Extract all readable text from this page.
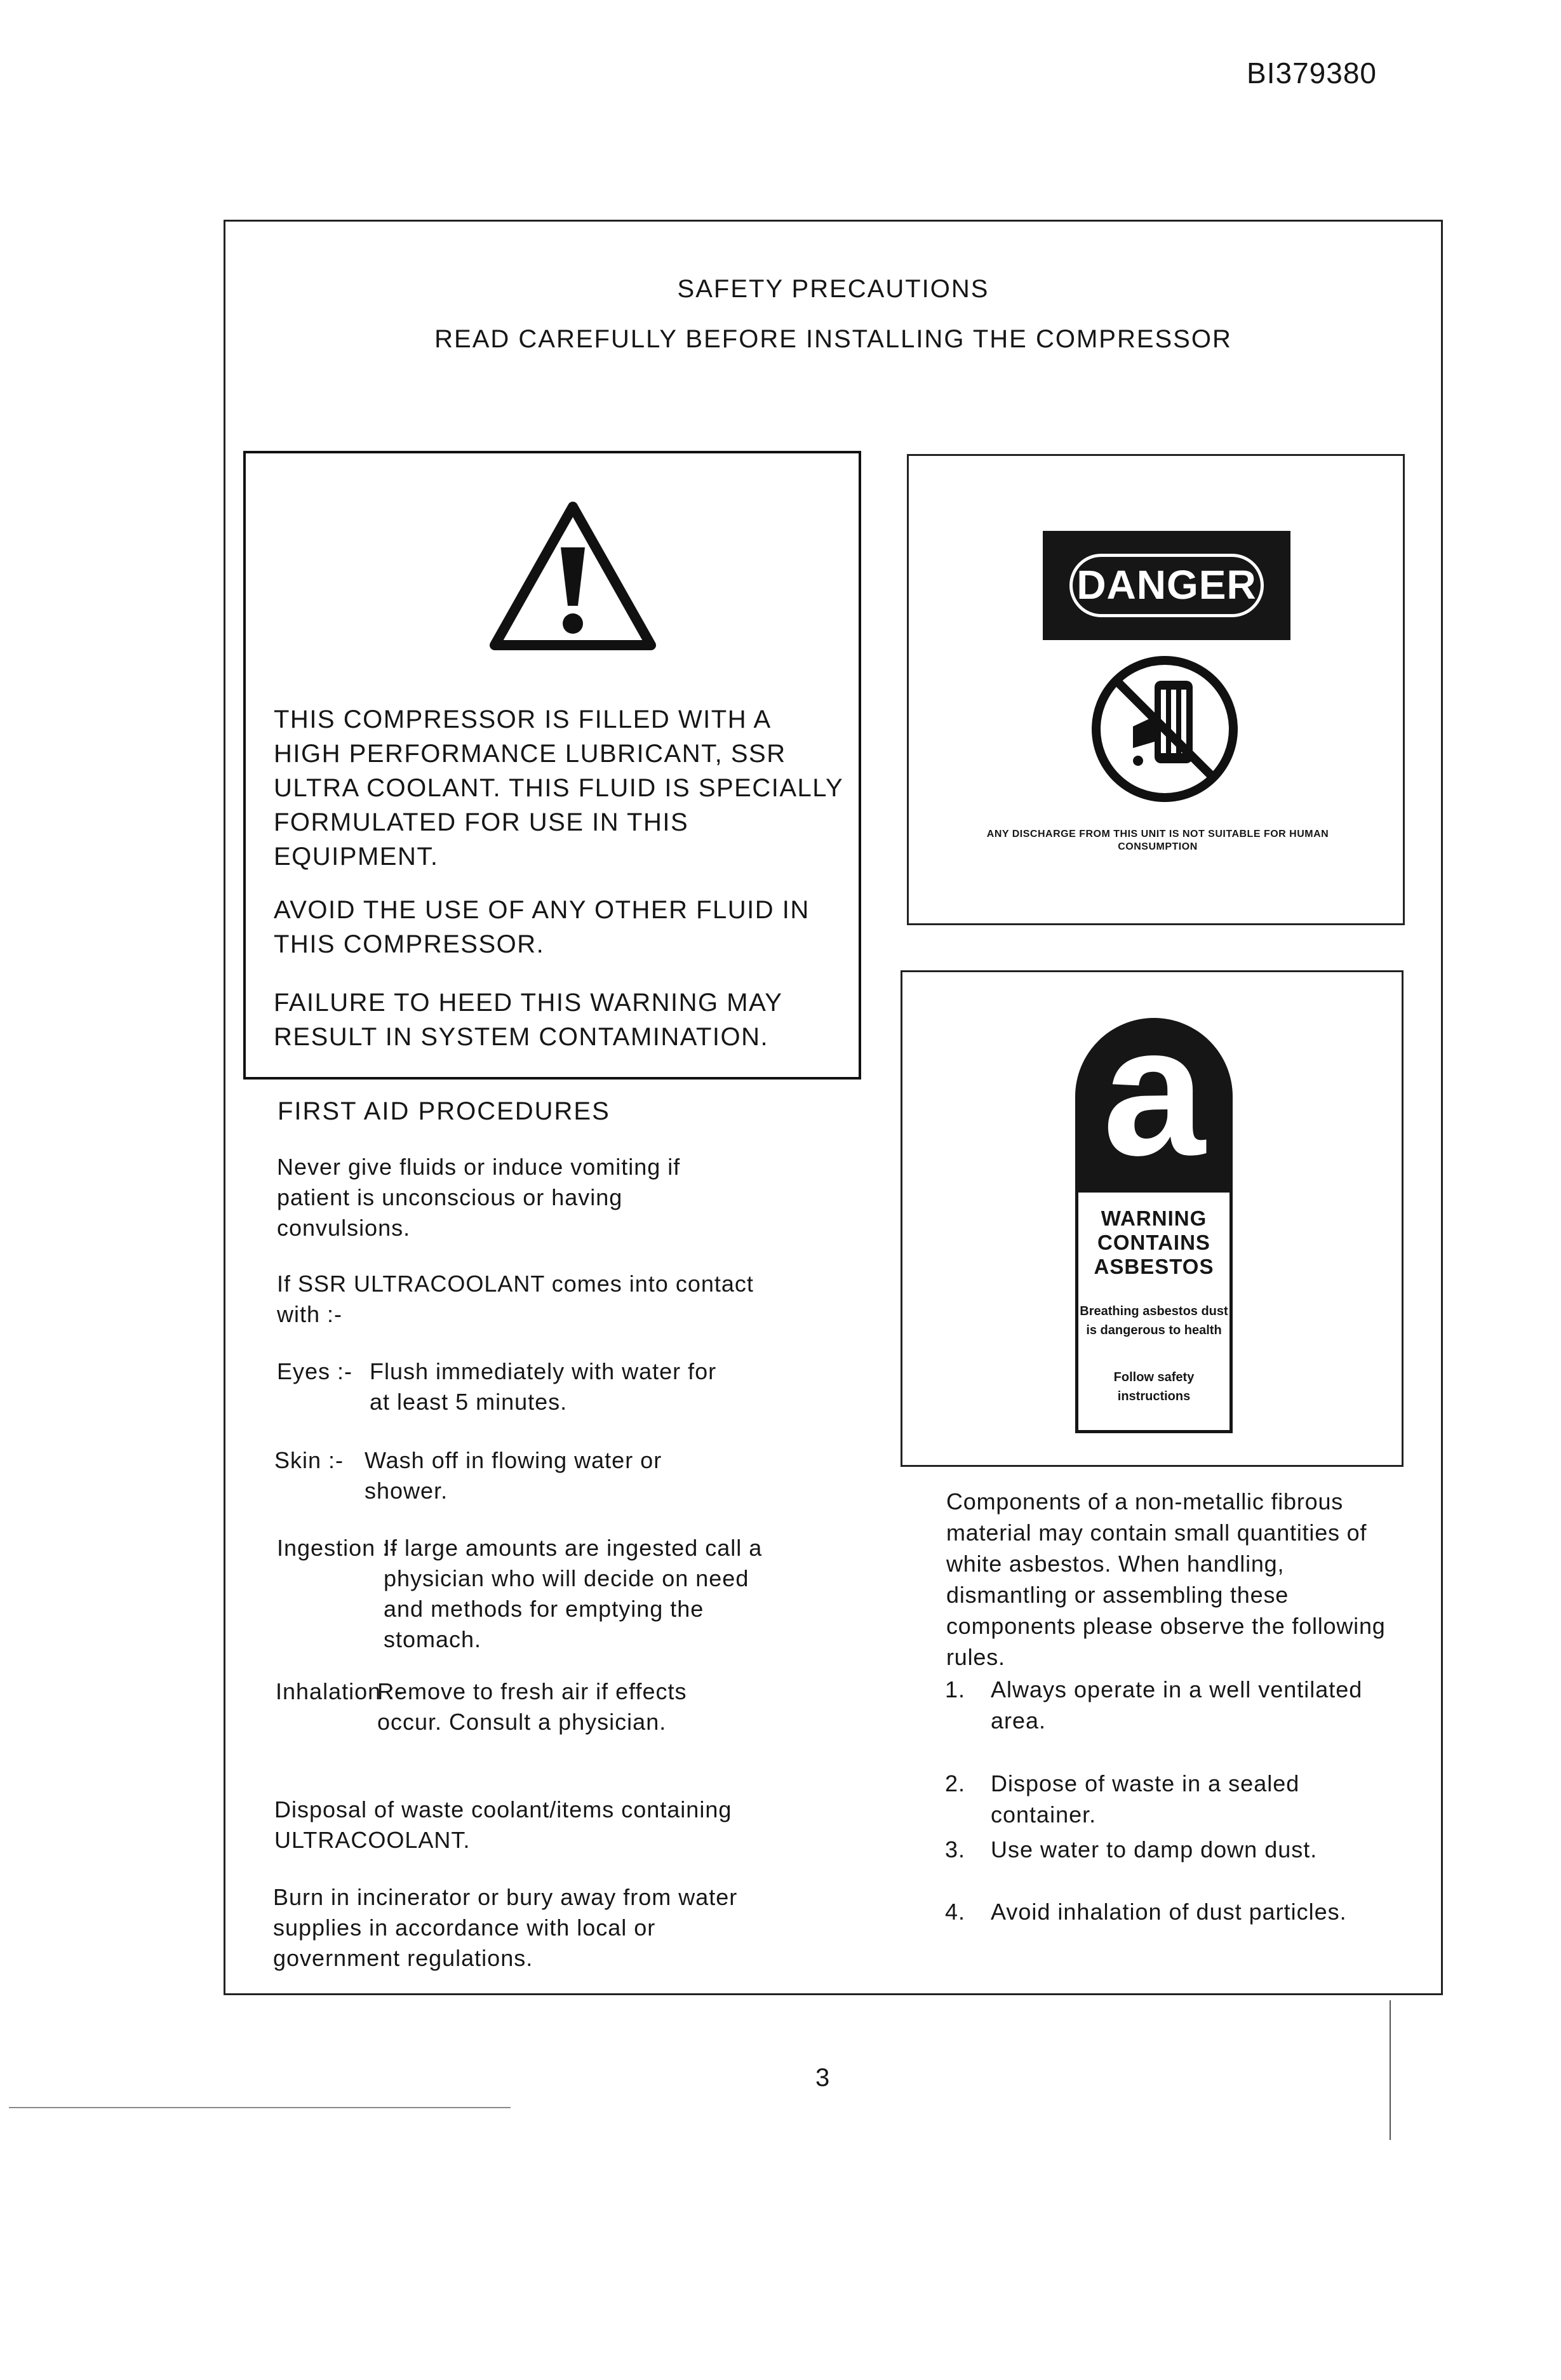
BI379380
SAFETY PRECAUTIONS
READ CAREFULLY BEFORE INSTALLING THE COMPRESSOR
THIS COMPRESSOR IS FILLED WITH A HIGH PERFORMANCE LUBRICANT, SSR ULTRA COOLANT. THIS FLUID IS SPECIALLY FORMULATED FOR USE IN THIS EQUIPMENT.
AVOID THE USE OF ANY OTHER FLUID IN THIS COMPRESSOR.
FAILURE TO HEED THIS WARNING MAY RESULT IN SYSTEM CONTAMINATION.
DANGER
ANY DISCHARGE FROM THIS UNIT IS NOT SUITABLE FOR HUMAN CONSUMPTION
a
WARNING CONTAINS ASBESTOS
Breathing asbestos dust is dangerous to health
Follow safety instructions
FIRST AID PROCEDURES
Never give fluids or induce vomiting if patient is unconscious or having convulsions.
If SSR ULTRACOOLANT comes into contact with :-
Eyes :- Flush immediately with water for at least 5 minutes.
Skin :- Wash off in flowing water or shower.
Ingestion :-
If large amounts are ingested call a physician who will decide on need and methods for emptying the stomach.
Inhalation :-
Remove to fresh air if effects occur. Consult a physician.
Disposal of waste coolant/items containing ULTRACOOLANT.
Burn in incinerator or bury away from water supplies in accordance with local or government regulations.
Components of a non-metallic fibrous material may contain small quantities of white asbestos. When handling, dismantling or assembling these components please observe the following rules.
1. Always operate in a well ventilated area.
2. Dispose of waste in a sealed container.
3. Use water to damp down dust.
4. Avoid inhalation of dust particles.
3
